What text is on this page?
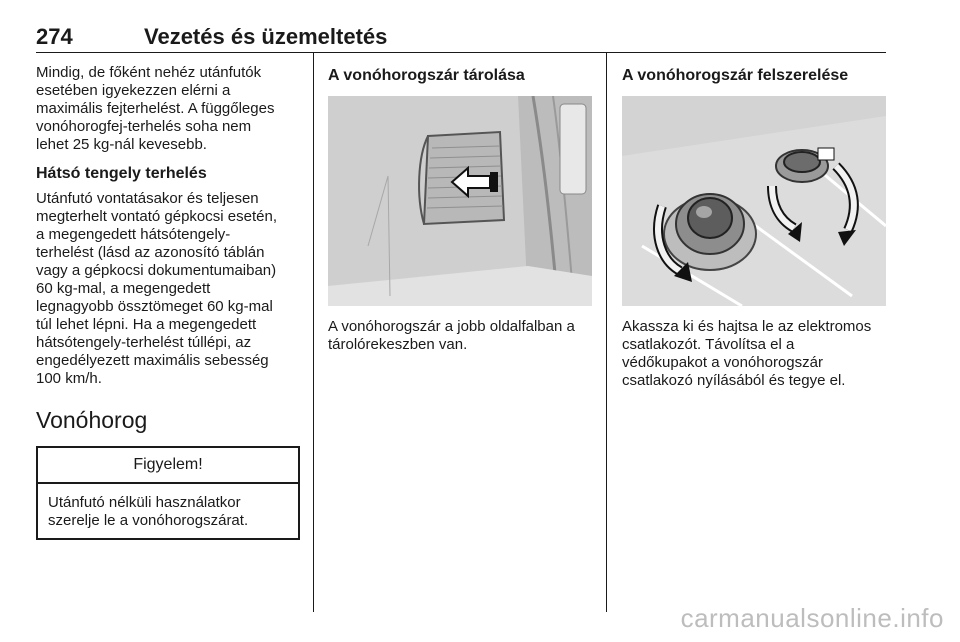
274	Vezetés és üzemeltetés

Mindig, de főként nehéz utánfutók
esetében igyekezzen elérni a
maximális fejterhelést. A függőleges
vonóhorogfej-terhelés soha nem
lehet 25 kg-nál kevesebb.

Hátsó tengely terhelés

Utánfutó vontatásakor és teljesen
megterhelt vontató gépkocsi esetén,
a megengedett hátsótengely-
terhelést (lásd az azonosító táblán
vagy a gépkocsi dokumentumaiban)
60 kg-mal, a megengedett
legnagyobb össztömeget 60 kg-mal
túl lehet lépni. Ha a megengedett
hátsótengely-terhelést túllépi, az
engedélyezett maximális sebesség
100 km/h.

Vonóhorog
Figyelem!
Utánfutó nélküli használatkor
szerelje le a vonóhorogszárat.
A vonóhorogszár tárolása

A vonóhorogszár a jobb oldalfalban a
tárolórekeszben van.

A vonóhorogszár felszerelése

Akassza ki és hajtsa le az elektromos
csatlakozót. Távolítsa el a
védőkupakot a vonóhorogszár
csatlakozó nyílásából és tegye el.

carmanualsonline.info
